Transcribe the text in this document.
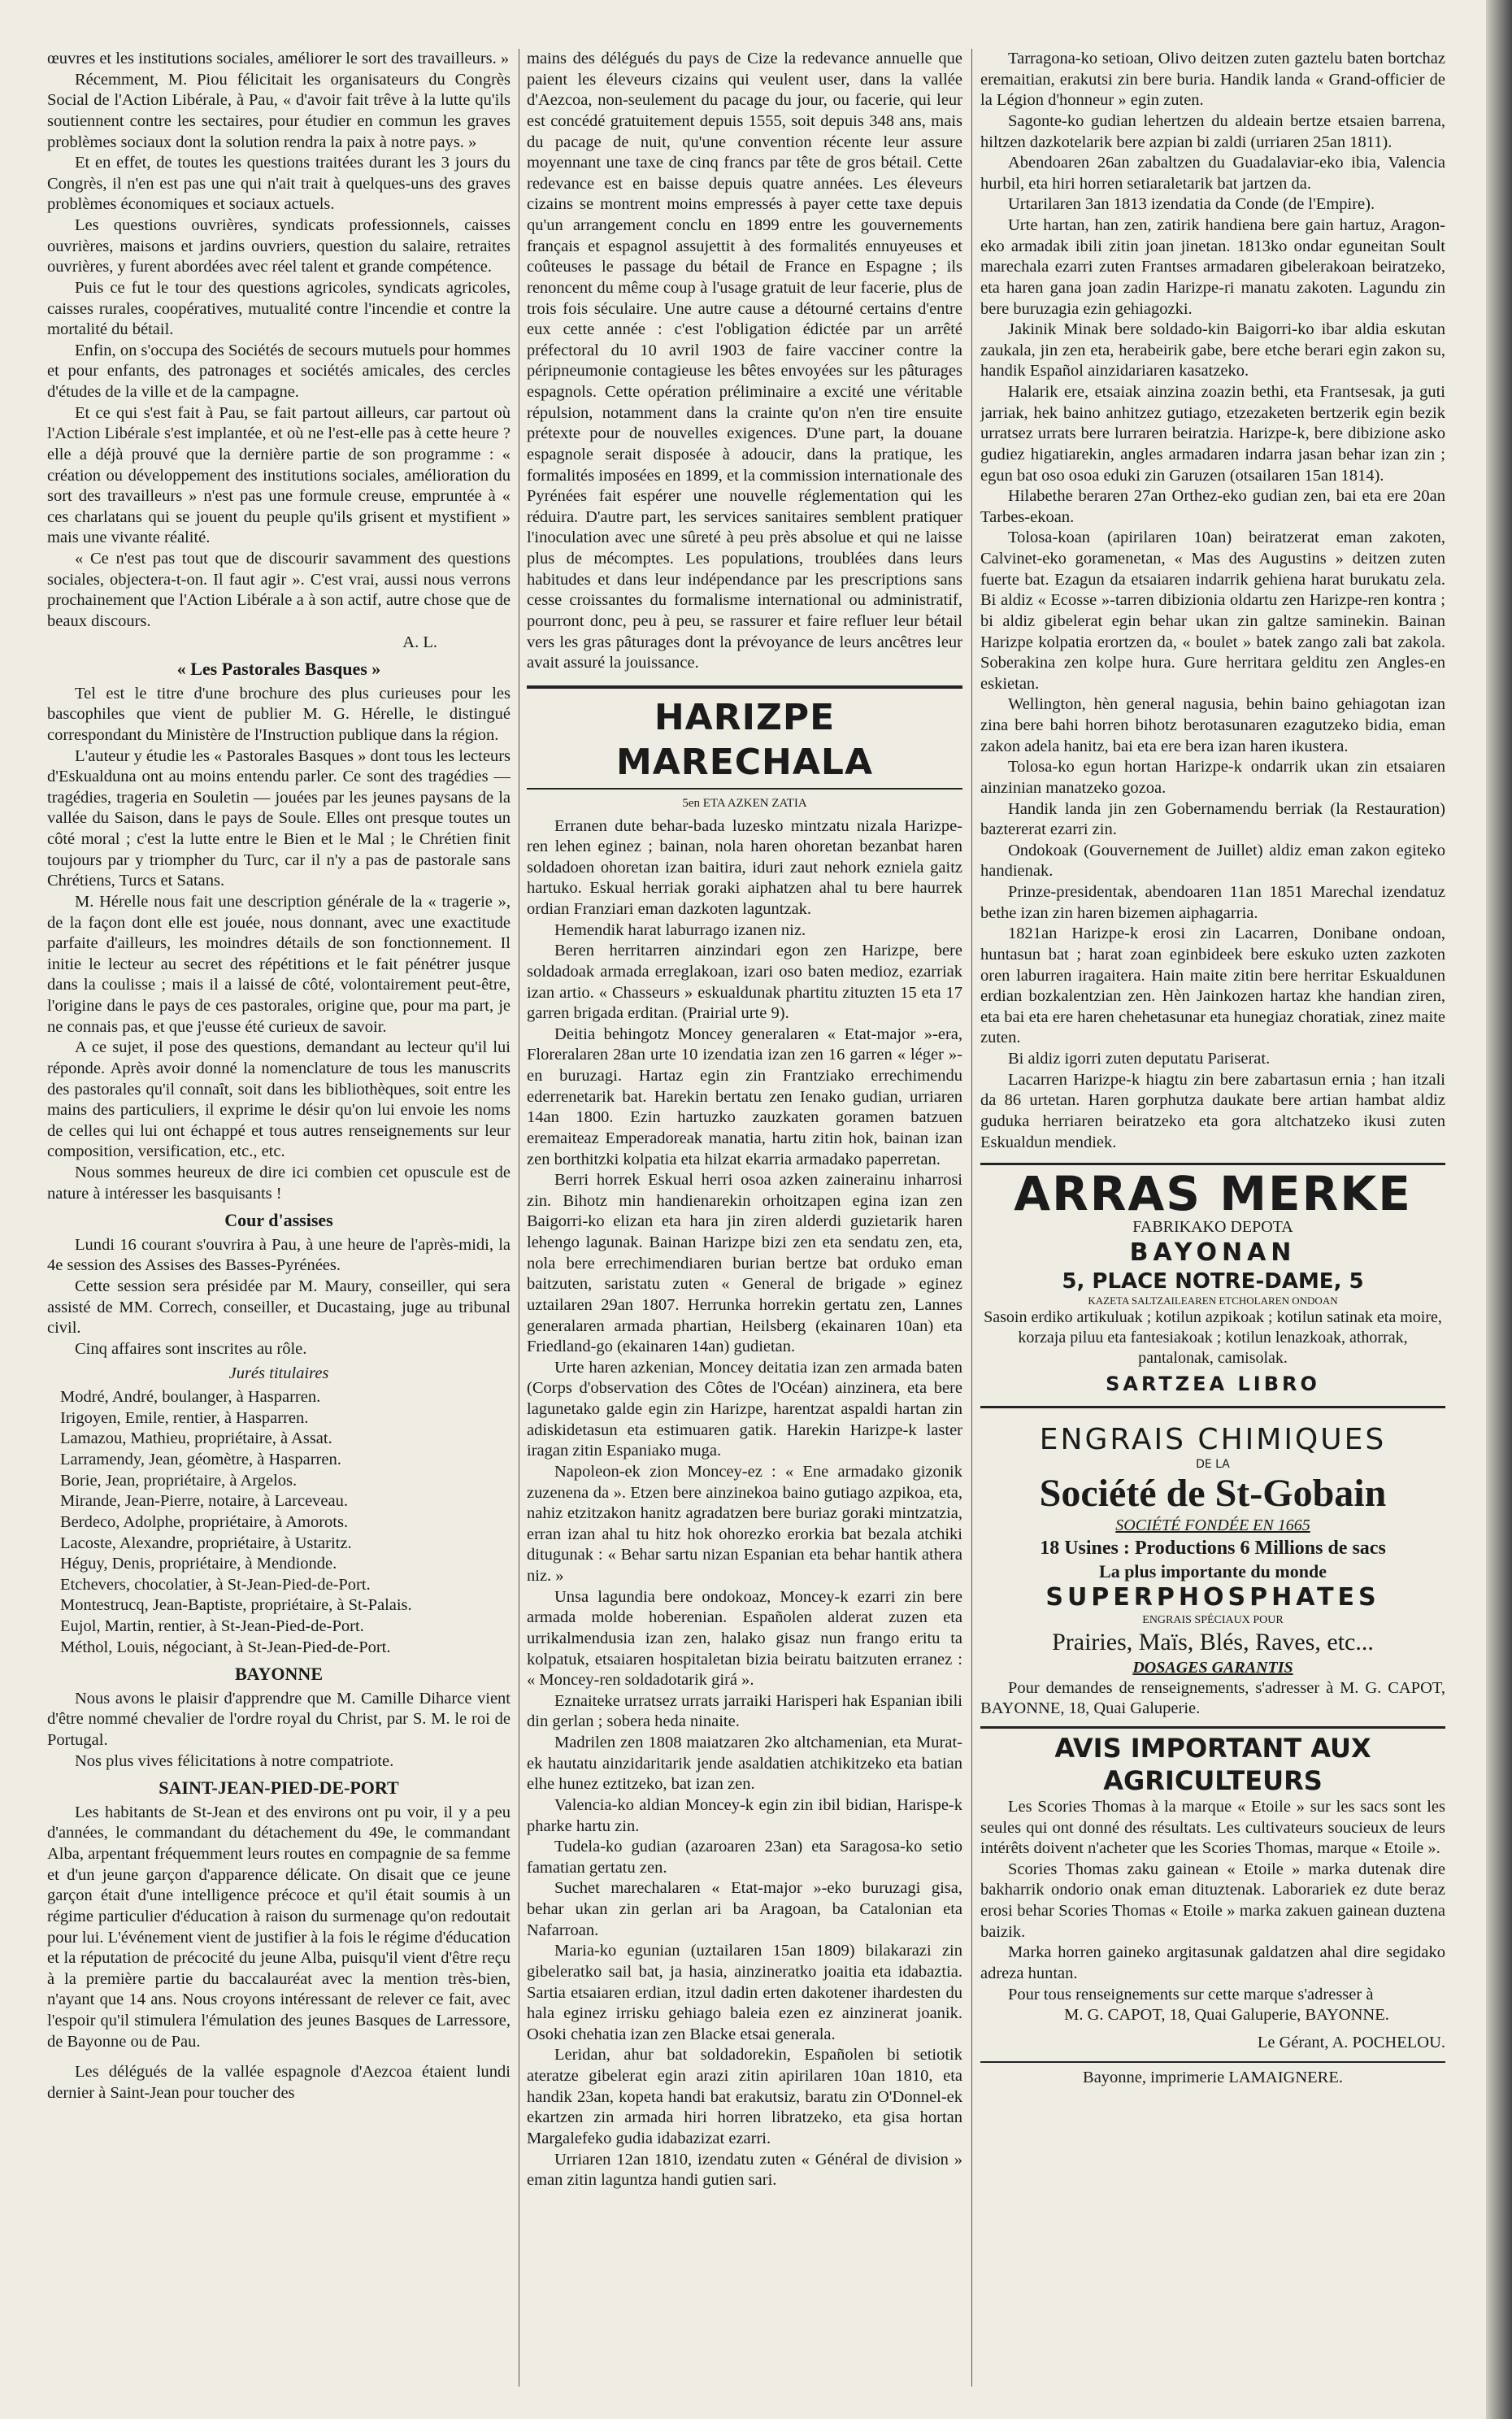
œuvres et les institutions sociales, améliorer le sort des travailleurs. »

Récemment, M. Piou félicitait les organisateurs du Congrès Social de l'Action Libérale, à Pau, « d'avoir fait trêve à la lutte qu'ils soutiennent contre les sectaires, pour étudier en commun les graves problèmes sociaux dont la solution rendra la paix à notre pays. »

Et en effet, de toutes les questions traitées durant les 3 jours du Congrès, il n'en est pas une qui n'ait trait à quelques-uns des graves problèmes économiques et sociaux actuels.

Les questions ouvrières, syndicats professionnels, caisses ouvrières, maisons et jardins ouvriers, question du salaire, retraites ouvrières, y furent abordées avec réel talent et grande compétence.

Puis ce fut le tour des questions agricoles, syndicats agricoles, caisses rurales, coopératives, mutualité contre l'incendie et contre la mortalité du bétail.

Enfin, on s'occupa des Sociétés de secours mutuels pour hommes et pour enfants, des patronages et sociétés amicales, des cercles d'études de la ville et de la campagne.

Et ce qui s'est fait à Pau, se fait partout ailleurs, car partout où l'Action Libérale s'est implantée, et où ne l'est-elle pas à cette heure ? elle a déjà prouvé que la dernière partie de son programme : « création ou développement des institutions sociales, amélioration du sort des travailleurs » n'est pas une formule creuse, empruntée à « ces charlatans qui se jouent du peuple qu'ils grisent et mystifient » mais une vivante réalité.

« Ce n'est pas tout que de discourir savamment des questions sociales, objectera-t-on. Il faut agir ». C'est vrai, aussi nous verrons prochainement que l'Action Libérale a à son actif, autre chose que de beaux discours.

A. L.
« Les Pastorales Basques »

Tel est le titre d'une brochure des plus curieuses pour les bascophiles que vient de publier M. G. Hérelle, le distingué correspondant du Ministère de l'Instruction publique dans la région.

L'auteur y étudie les « Pastorales Basques » dont tous les lecteurs d'Eskualduna ont au moins entendu parler. Ce sont des tragédies — tragédies, trageria en Souletin — jouées par les jeunes paysans de la vallée du Saison, dans le pays de Soule. Elles ont presque toutes un côté moral ; c'est la lutte entre le Bien et le Mal ; le Chrétien finit toujours par y triompher du Turc, car il n'y a pas de pastorale sans Chrétiens, Turcs et Satans.

M. Hérelle nous fait une description générale de la « tragerie », de la façon dont elle est jouée, nous donnant, avec une exactitude parfaite d'ailleurs, les moindres détails de son fonctionnement. Il initie le lecteur au secret des répétitions et le fait pénétrer jusque dans la coulisse ; mais il a laissé de côté, volontairement peut-être, l'origine dans le pays de ces pastorales, origine que, pour ma part, je ne connais pas, et que j'eusse été curieux de savoir.

A ce sujet, il pose des questions, demandant au lecteur qu'il lui réponde. Après avoir donné la nomenclature de tous les manuscrits des pastorales qu'il connaît, soit dans les bibliothèques, soit entre les mains des particuliers, il exprime le désir qu'on lui envoie les noms de celles qui lui ont échappé et tous autres renseignements sur leur composition, versification, etc., etc.

Nous sommes heureux de dire ici combien cet opuscule est de nature à intéresser les basquisants !

Cour d'assises

Lundi 16 courant s'ouvrira à Pau, à une heure de l'après-midi, la 4e session des Assises des Basses-Pyrénées.

Cette session sera présidée par M. Maury, conseiller, qui sera assisté de MM. Correch, conseiller, et Ducastaing, juge au tribunal civil.

Cinq affaires sont inscrites au rôle.

Jurés titulaires
Modré, André, boulanger, à Hasparren.
Irigoyen, Emile, rentier, à Hasparren.
Lamazou, Mathieu, propriétaire, à Assat.
Larramendy, Jean, géomètre, à Hasparren.
Borie, Jean, propriétaire, à Argelos.
Mirande, Jean-Pierre, notaire, à Larceveau.
Berdeco, Adolphe, propriétaire, à Amorots.
Lacoste, Alexandre, propriétaire, à Ustaritz.
Héguy, Denis, propriétaire, à Mendionde.
Etchevers, chocolatier, à St-Jean-Pied-de-Port.
Montestrucq, Jean-Baptiste, propriétaire, à St-Palais.
Eujol, Martin, rentier, à St-Jean-Pied-de-Port.
Méthol, Louis, négociant, à St-Jean-Pied-de-Port.
BAYONNE

Nous avons le plaisir d'apprendre que M. Camille Diharce vient d'être nommé chevalier de l'ordre royal du Christ, par S. M. le roi de Portugal.

Nos plus vives félicitations à notre compatriote.

SAINT-JEAN-PIED-DE-PORT

Les habitants de St-Jean et des environs ont pu voir, il y a peu d'années, le commandant du détachement du 49e, le commandant Alba, arpentant fréquemment leurs routes en compagnie de sa femme et d'un jeune garçon d'apparence délicate. On disait que ce jeune garçon était d'une intelligence précoce et qu'il était soumis à un régime particulier d'éducation à raison du surmenage qu'on redoutait pour lui. L'événement vient de justifier à la fois le régime d'éducation et la réputation de précocité du jeune Alba, puisqu'il vient d'être reçu à la première partie du baccalauréat avec la mention très-bien, n'ayant que 14 ans. Nous croyons intéressant de relever ce fait, avec l'espoir qu'il stimulera l'émulation des jeunes Basques de Larressore, de Bayonne ou de Pau.

Les délégués de la vallée espagnole d'Aezcoa étaient lundi dernier à Saint-Jean pour toucher des

mains des délégués du pays de Cize la redevance annuelle que paient les éleveurs cizains qui veulent user, dans la vallée d'Aezcoa, non-seulement du pacage du jour, ou facerie, qui leur est concédé gratuitement depuis 1555, soit depuis 348 ans, mais du pacage de nuit, qu'une convention récente leur assure moyennant une taxe de cinq francs par tête de gros bétail. Cette redevance est en baisse depuis quatre années. Les éleveurs cizains se montrent moins empressés à payer cette taxe depuis qu'un arrangement conclu en 1899 entre les gouvernements français et espagnol assujettit à des formalités ennuyeuses et coûteuses le passage du bétail de France en Espagne ; ils renoncent du même coup à l'usage gratuit de leur facerie, plus de trois fois séculaire. Une autre cause a détourné certains d'entre eux cette année : c'est l'obligation édictée par un arrêté préfectoral du 10 avril 1903 de faire vacciner contre la péripneumonie contagieuse les bêtes envoyées sur les pâturages espagnols. Cette opération préliminaire a excité une véritable répulsion, notamment dans la crainte qu'on n'en tire ensuite prétexte pour de nouvelles exigences. D'une part, la douane espagnole serait disposée à adoucir, dans la pratique, les formalités imposées en 1899, et la commission internationale des Pyrénées fait espérer une nouvelle réglementation qui les réduira. D'autre part, les services sanitaires semblent pratiquer l'inoculation avec une sûreté à peu près absolue et qui ne laisse plus de mécomptes. Les populations, troublées dans leurs habitudes et dans leur indépendance par les prescriptions sans cesse croissantes du formalisme international ou administratif, pourront donc, peu à peu, se rassurer et faire refluer leur bétail vers les gras pâturages dont la prévoyance de leurs ancêtres leur avait assuré la jouissance.

HARIZPE MARECHALA
5en ETA AZKEN ZATIA

Erranen dute behar-bada luzesko mintzatu nizala Harizpe-ren lehen eginez ; bainan, nola haren ohoretan bezanbat haren soldadoen ohoretan izan baitira, iduri zaut nehork ezniela gaitz hartuko. Eskual herriak goraki aiphatzen ahal tu bere haurrek ordian Franziari eman dazkoten laguntzak.

Hemendik harat laburrago izanen niz.

Beren herritarren ainzindari egon zen Harizpe, bere soldadoak armada erreglakoan, izari oso baten medioz, ezarriak izan artio. « Chasseurs » eskualdunak phartitu zituzten 15 eta 17 garren brigada erditan. (Prairial urte 9).

Deitia behingotz Moncey generalaren « Etat-major »-era, Floreralaren 28an urte 10 izendatia izan zen 16 garren « léger »-en buruzagi. Hartaz egin zin Frantziako errechimendu ederrenetarik bat. Harekin bertatu zen Ienako gudian, urriaren 14an 1800. Ezin hartuzko zauzkaten goramen batzuen eremaiteaz Emperadoreak manatia, hartu zitin hok, bainan izan zen borthitzki kolpatia eta hilzat ekarria armadako paperretan.

Berri horrek Eskual herri osoa azken zainerainu inharrosi zin. Bihotz min handienarekin orhoitzapen egina izan zen Baigorri-ko elizan eta hara jin ziren alderdi guzietarik haren lehengo lagunak. Bainan Harizpe bizi zen eta sendatu zen, eta, nola bere errechimendiaren burian bertze bat orduko eman baitzuten, saristatu zuten « General de brigade » eginez uztailaren 29an 1807. Herrunka horrekin gertatu zen, Lannes generalaren armada phartian, Heilsberg (ekainaren 10an) eta Friedland-go (ekainaren 14an) gudietan.

Urte haren azkenian, Moncey deitatia izan zen armada baten (Corps d'observation des Côtes de l'Océan) ainzinera, eta bere lagunetako galde egin zin Harizpe, harentzat aspaldi hartan zin adiskidetasun eta estimuaren gatik. Harekin Harizpe-k laster iragan zitin Espaniako muga.

Napoleon-ek zion Moncey-ez : « Ene armadako gizonik zuzenena da ». Etzen bere ainzinekoa baino gutiago azpikoa, eta, nahiz etzitzakon hanitz agradatzen bere buriaz goraki mintzatzia, erran izan ahal tu hitz hok ohorezko erorkia bat bezala atchiki ditugunak : « Behar sartu nizan Espanian eta behar hantik athera niz. »

Unsa lagundia bere ondokoaz, Moncey-k ezarri zin bere armada molde hoberenian. Españolen alderat zuzen eta urrikalmendusia izan zen, halako gisaz nun frango eritu ta kolpatuk, etsaiaren hospitaletan bizia beiratu baitzuten erranez : « Moncey-ren soldadotarik girá ».

Eznaiteke urratsez urrats jarraiki Harisperi hak Espanian ibili din gerlan ; sobera heda ninaite.

Madrilen zen 1808 maiatzaren 2ko altchamenian, eta Murat-ek hautatu ainzidaritarik jende asaldatien atchikitzeko eta batian elhe hunez eztitzeko, bat izan zen.

Valencia-ko aldian Moncey-k egin zin ibil bidian, Harispe-k pharke hartu zin.

Tudela-ko gudian (azaroaren 23an) eta Saragosa-ko setio famatian gertatu zen.

Suchet marechalaren « Etat-major »-eko buruzagi gisa, behar ukan zin gerlan ari ba Aragoan, ba Catalonian eta Nafarroan.

Maria-ko egunian (uztailaren 15an 1809) bilakarazi zin gibeleratko sail bat, ja hasia, ainzineratko joaitia eta idabaztia. Sartia etsaiaren erdian, itzul dadin erten dakotener ihardesten du hala eginez irrisku gehiago baleia ezen ez ainzinerat joanik. Osoki chehatia izan zen Blacke etsai generala.

Leridan, ahur bat soldadorekin, Españolen bi setiotik ateratze gibelerat egin arazi zitin apirilaren 10an 1810, eta handik 23an, kopeta handi bat erakutsiz, baratu zin O'Donnel-ek ekartzen zin armada hiri horren libratzeko, eta gisa hortan Margalefeko gudia idabazizat ezarri.

Urriaren 12an 1810, izendatu zuten « Général de division » eman zitin laguntza handi gutien sari.

Tarragona-ko setioan, Olivo deitzen zuten gaztelu baten bortchaz eremaitian, erakutsi zin bere buria. Handik landa « Grand-officier de la Légion d'honneur » egin zuten.

Sagonte-ko gudian lehertzen du aldeain bertze etsaien barrena, hiltzen dazkotelarik bere azpian bi zaldi (urriaren 25an 1811).

Abendoaren 26an zabaltzen du Guadalaviar-eko ibia, Valencia hurbil, eta hiri horren setiaraletarik bat jartzen da.

Urtarilaren 3an 1813 izendatia da Conde (de l'Empire).

Urte hartan, han zen, zatirik handiena bere gain hartuz, Aragon-eko armadak ibili zitin joan jinetan. 1813ko ondar eguneitan Soult marechala ezarri zuten Frantses armadaren gibelerakoan beiratzeko, eta haren gana joan zadin Harizpe-ri manatu zakoten. Lagundu zin bere buruzagia ezin gehiagozki.

Jakinik Minak bere soldado-kin Baigorri-ko ibar aldia eskutan zaukala, jin zen eta, herabeirik gabe, bere etche berari egin zakon su, handik Español ainzidariaren kasatzeko.

Halarik ere, etsaiak ainzina zoazin bethi, eta Frantsesak, ja guti jarriak, hek baino anhitzez gutiago, etzezaketen bertzerik egin bezik urratsez urrats bere lurraren beiratzia. Harizpe-k, bere dibizione asko gudiez higatiarekin, angles armadaren indarra jasan behar izan zin ; egun bat oso osoa eduki zin Garuzen (otsailaren 15an 1814).

Hilabethe beraren 27an Orthez-eko gudian zen, bai eta ere 20an Tarbes-ekoan.

Tolosa-koan (apirilaren 10an) beiratzerat eman zakoten, Calvinet-eko goramenetan, « Mas des Augustins » deitzen zuten fuerte bat. Ezagun da etsaiaren indarrik gehiena harat burukatu zela. Bi aldiz « Ecosse »-tarren dibizionia oldartu zen Harizpe-ren kontra ; bi aldiz gibelerat egin behar ukan zin galtze saminekin. Bainan Harizpe kolpatia erortzen da, « boulet » batek zango zali bat zakola. Soberakina zen kolpe hura. Gure herritara gelditu zen Angles-en eskietan.

Wellington, hèn general nagusia, behin baino gehiagotan izan zina bere bahi horren bihotz berotasunaren ezagutzeko bidia, eman zakon adela hanitz, bai eta ere bera izan haren ikustera.

Tolosa-ko egun hortan Harizpe-k ondarrik ukan zin etsaiaren ainzinian manatzeko gozoa.

Handik landa jin zen Gobernamendu berriak (la Restauration) baztererat ezarri zin.

Ondokoak (Gouvernement de Juillet) aldiz eman zakon egiteko handienak.

Prinze-presidentak, abendoaren 11an 1851 Marechal izendatuz bethe izan zin haren bizemen aiphagarria.

1821an Harizpe-k erosi zin Lacarren, Donibane ondoan, huntasun bat ; harat zoan eginbideek bere eskuko uzten zazkoten oren laburren iragaitera. Hain maite zitin bere herritar Eskualdunen erdian bozkalentzian zen. Hèn Jainkozen hartaz khe handian ziren, eta bai eta ere haren chehetasunar eta hunegiaz choratiak, zinez maite zuten.

Bi aldiz igorri zuten deputatu Pariserat.

Lacarren Harizpe-k hiagtu zin bere zabartasun ernia ; han itzali da 86 urtetan. Haren gorphutza daukate bere artian hambat aldiz guduka herriaren beiratzeko eta gora altchatzeko ikusi zuten Eskualdun mendiek.

ARRAS MERKE
FABRIKAKO DEPOTA
BAYONAN
5, PLACE NOTRE-DAME, 5
KAZETA SALTZAILEAREN ETCHOLAREN ONDOAN
Sasoin erdiko artikuluak ; kotilun azpikoak ; kotilun satinak eta moire, korzaja piluu eta fantesiakoak ; kotilun lenazkoak, athorrak, pantalonak, camisolak.
SARTZEA LIBRO
ENGRAIS CHIMIQUES
DE LA
Société de St-Gobain
SOCIÉTÉ FONDÉE EN 1665
18 Usines : Productions 6 Millions de sacs
La plus importante du monde
SUPERPHOSPHATES
ENGRAIS SPÉCIAUX POUR
Prairies, Maïs, Blés, Raves, etc...
DOSAGES GARANTIS

Pour demandes de renseignements, s'adresser à M. G. CAPOT, BAYONNE, 18, Quai Galuperie.

AVIS IMPORTANT AUX AGRICULTEURS

Les Scories Thomas à la marque « Etoile » sur les sacs sont les seules qui ont donné des résultats. Les cultivateurs soucieux de leurs intérêts doivent n'acheter que les Scories Thomas, marque « Etoile ».

Scories Thomas zaku gainean « Etoile » marka dutenak dire bakharrik ondorio onak eman dituztenak. Laborariek ez dute beraz erosi behar Scories Thomas « Etoile » marka zakuen gainean duztena baizik.

Marka horren gaineko argitasunak galdatzen ahal dire segidako adreza huntan.

Pour tous renseignements sur cette marque s'adresser à

M. G. CAPOT, 18, Quai Galuperie, BAYONNE.

Le Gérant, A. POCHELOU.
Bayonne, imprimerie LAMAIGNERE.
